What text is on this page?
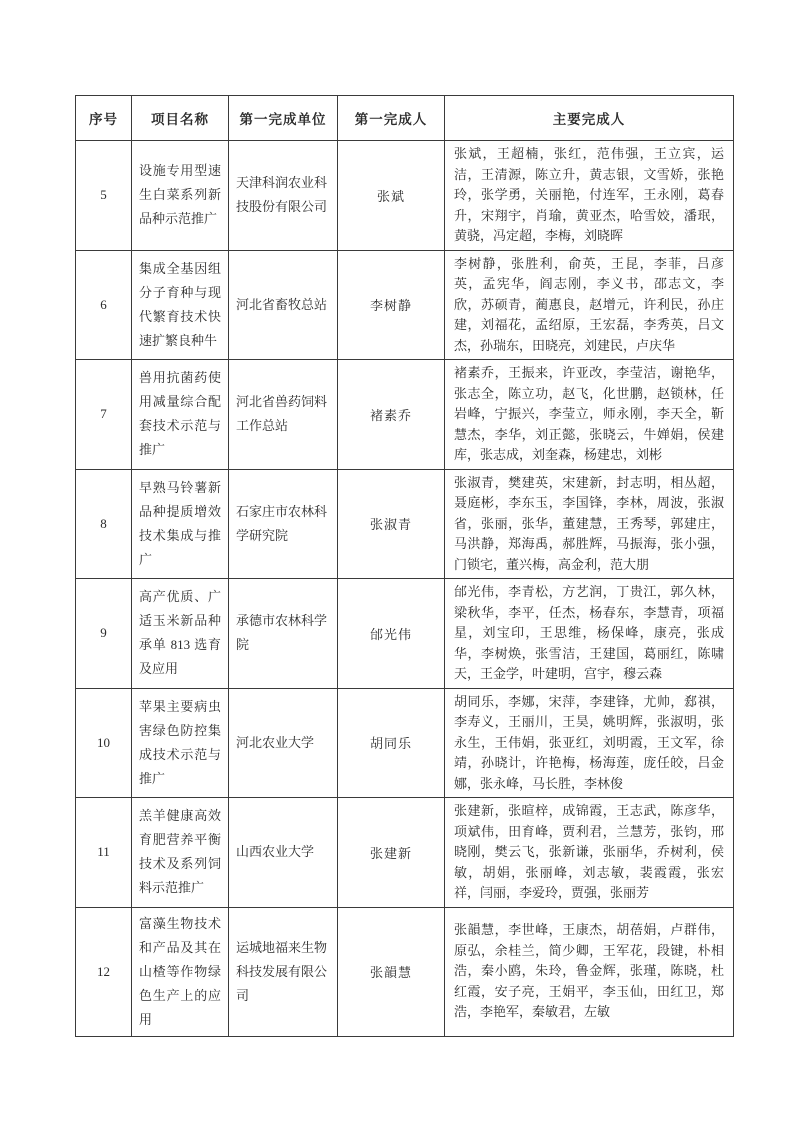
序号	项目名称	第一完成单位	第一完成人	主要完成人
5	设施专用型速生白菜系列新品种示范推广	天津科润农业科技股份有限公司	张斌	张斌，王超楠，张红，范伟强，王立宾，运洁，王清源，陈立升，黄志银，文雪娇，张艳玲，张学勇，关丽艳，付连军，王永刚，葛春升，宋翔宇，肖瑜，黄亚杰，哈雪姣，潘珉，黄骁，冯定超，李梅，刘晓晖
6	集成全基因组分子育种与现代繁育技术快速扩繁良种牛	河北省畜牧总站	李树静	李树静，张胜利，俞英，王昆，李菲，吕彦英，孟宪华，阎志刚，李义书，邵志文，李欣，苏硕青，蔺惠良，赵增元，许利民，孙庄建，刘福花，孟绍原，王宏磊，李秀英，吕文杰，孙瑞东，田晓亮，刘建民，卢庆华
7	兽用抗菌药使用减量综合配套技术示范与推广	河北省兽药饲料工作总站	褚素乔	褚素乔，王振来，许亚改，李莹洁，谢艳华，张志全，陈立功，赵飞，化世鹏，赵锁林，任岩峰，宁振兴，李莹立，师永刚，李天全，靳慧杰，李华，刘正懿，张晓云，牛婵娟，侯建库，张志成，刘奎森，杨建忠，刘彬
8	早熟马铃薯新品种提质增效技术集成与推广	石家庄市农林科学研究院	张淑青	张淑青，樊建英，宋建新，封志明，相丛超，聂庭彬，李东玉，李国锋，李林，周波，张淑省，张丽，张华，董建慧，王秀琴，郭建庄，马洪静，郑海禹，郝胜辉，马振海，张小强，门锁宅，董兴梅，高金利，范大朋
9	高产优质、广适玉米新品种承单 813 选育及应用	承德市农林科学院	邰光伟	邰光伟，李青松，方艺润，丁贵江，郭久林，梁秋华，李平，任杰，杨春东，李慧青，项福星，刘宝印，王思维，杨保峰，康亮，张成华，李树焕，张雪洁，王建国，葛丽红，陈啸天，王金学，叶建明，宫宇，穆云森
10	苹果主要病虫害绿色防控集成技术示范与推广	河北农业大学	胡同乐	胡同乐，李娜，宋萍，李建锋，尤帅，郄祺，李寿义，王丽川，王昊，姚明辉，张淑明，张永生，王伟娟，张亚红，刘明霞，王文军，徐靖，孙晓计，许艳梅，杨海莲，庞任皎，吕金娜，张永峰，马长胜，李林俊
11	羔羊健康高效育肥营养平衡技术及系列饲料示范推广	山西农业大学	张建新	张建新，张暄梓，成锦霞，王志武，陈彦华，项斌伟，田育峰，贾利君，兰慧芳，张钧，邢晓刚，樊云飞，张新谦，张丽华，乔树利，侯敏，胡娟，张丽峰，刘志敏，裴霞霞，张宏祥，闫丽，李爱玲，贾强，张丽芳
12	富藻生物技术和产品及其在山楂等作物绿色生产上的应用	运城地福来生物科技发展有限公司	张韻慧	张韻慧，李世峰，王康杰，胡蓓娟，卢群伟，原弘，余桂兰，简少卿，王军花，段键，朴相浩，秦小鸥，朱玲，鲁金辉，张瑾，陈晓，杜红霞，安子亮，王娟平，李玉仙，田红卫，郑浩，李艳军，秦敏君，左敏
